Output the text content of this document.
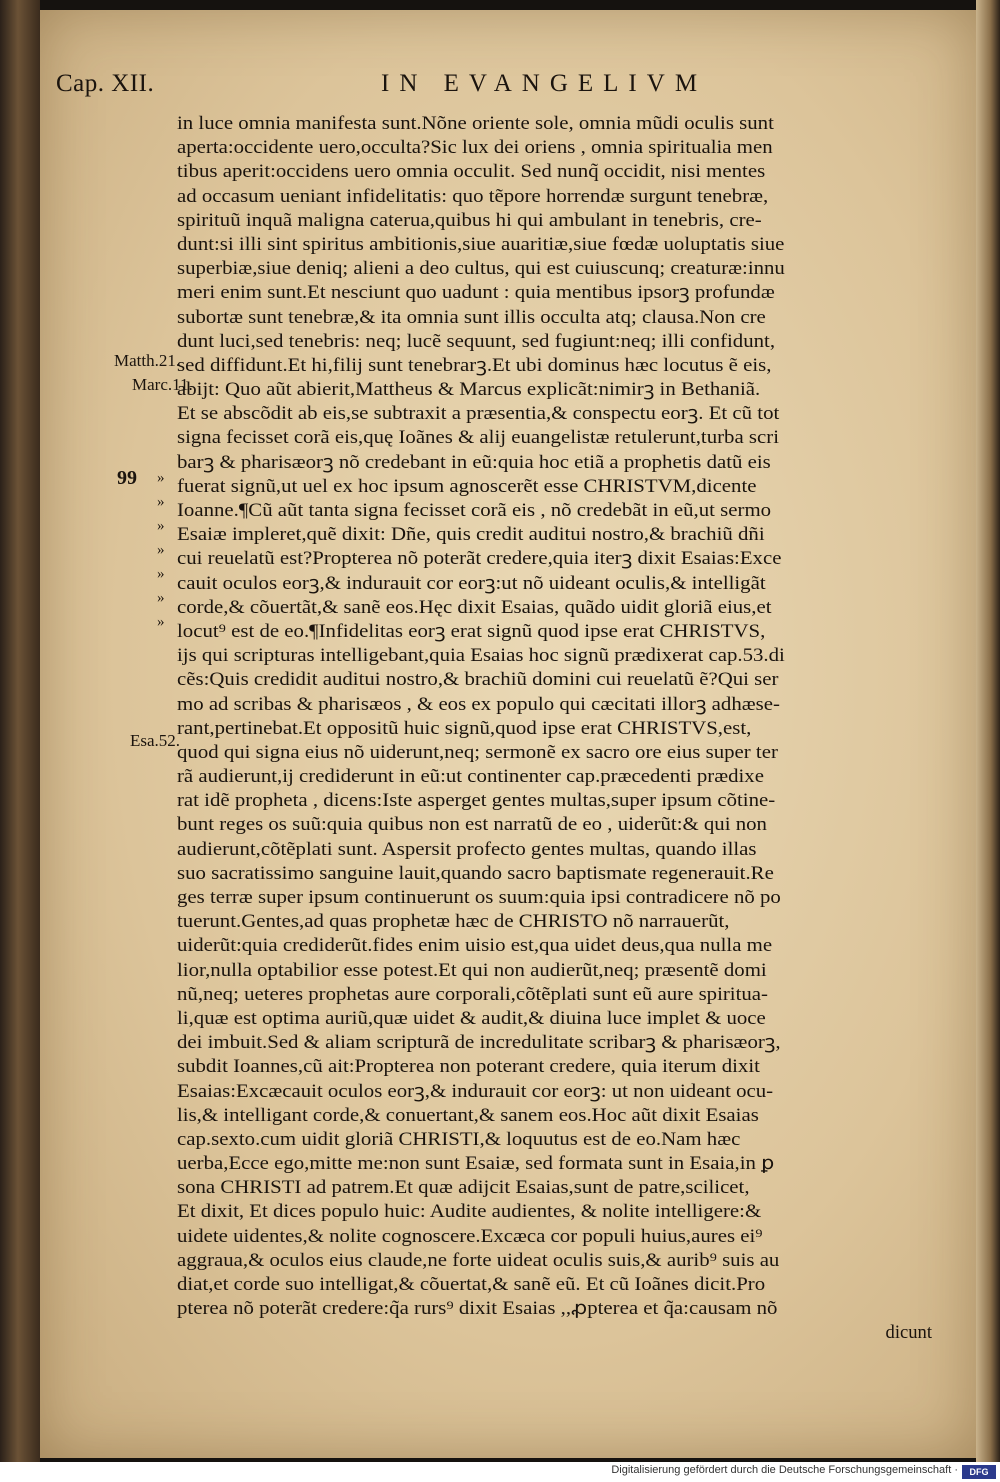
Cap. XII.	IN EVANGELIVM
Matth.21.
Marc.11.
Esa.52.
99 »
»
»
»
»
»
»
in luce omnia manifesta sunt.Nõne oriente sole, omnia mũdi oculis sunt
aperta:occidente uero,occulta?Sic lux dei oriens , omnia spiritualia men
tibus aperit:occidens uero omnia occulit. Sed nunq̃ occidit, nisi mentes
ad occasum ueniant infidelitatis: quo tẽpore horrendæ surgunt tenebræ,
spirituũ inquã maligna caterua,quibus hi qui ambulant in tenebris, cre-
dunt:si illi sint spiritus ambitionis,siue auaritiæ,siue fœdæ uoluptatis siue
superbiæ,siue deniq; alieni a deo cultus, qui est cuiuscunq; creaturæ:innu
meri enim sunt.Et nesciunt quo uadunt : quia mentibus ipsorꝫ profundæ
subortæ sunt tenebræ,& ita omnia sunt illis occulta atq; clausa.Non cre
dunt luci,sed tenebris: neq; lucẽ sequunt, sed fugiunt:neq; illi confidunt,
sed diffidunt.Et hi,filij sunt tenebrarꝫ.Et ubi dominus hæc locutus ẽ eis,
abijt: Quo aũt abierit,Mattheus & Marcus explicãt:nimirꝫ in Bethaniã.
Et se abscõdit ab eis,se subtraxit a præsentia,& conspectu eorꝫ. Et cũ tot
signa fecisset corã eis,quę Ioãnes & alij euangelistæ retulerunt,turba scri
barꝫ & pharisæorꝫ nõ credebant in eũ:quia hoc etiã a prophetis datũ eis
fuerat signũ,ut uel ex hoc ipsum agnoscerẽt esse CHRISTVM,dicente
Ioanne.¶Cũ aũt tanta signa fecisset corã eis , nõ credebãt in eũ,ut sermo
Esaiæ impleret,quẽ dixit: Dñe, quis credit auditui nostro,& brachiũ dñi
cui reuelatũ est?Propterea nõ poterãt credere,quia iterꝫ dixit Esaias:Exce
cauit oculos eorꝫ,& indurauit cor eorꝫ:ut nõ uideant oculis,& intelligãt
corde,& cõuertãt,& sanẽ eos.Hęc dixit Esaias, quãdo uidit gloriã eius,et
locut⁹ est de eo.¶Infidelitas eorꝫ erat signũ quod ipse erat CHRISTVS,
ijs qui scripturas intelligebant,quia Esaias hoc signũ prædixerat cap.53.di
cẽs:Quis credidit auditui nostro,& brachiũ domini cui reuelatũ ẽ?Qui ser
mo ad scribas & pharisæos , & eos ex populo qui cæcitati illorꝫ adhæse-
rant,pertinebat.Et oppositũ huic signũ,quod ipse erat CHRISTVS,est,
quod qui signa eius nõ uiderunt,neq; sermonẽ ex sacro ore eius super ter
rã audierunt,ij crediderunt in eũ:ut continenter cap.præcedenti prædixe
rat idẽ propheta , dicens:Iste asperget gentes multas,super ipsum cõtine-
bunt reges os suũ:quia quibus non est narratũ de eo , uiderũt:& qui non
audierunt,cõtẽplati sunt. Aspersit profecto gentes multas, quando illas
suo sacratissimo sanguine lauit,quando sacro baptismate regenerauit.Re
ges terræ super ipsum continuerunt os suum:quia ipsi contradicere nõ po
tuerunt.Gentes,ad quas prophetæ hæc de CHRISTO nõ narrauerũt,
uiderũt:quia crediderũt.fides enim uisio est,qua uidet deus,qua nulla me
lior,nulla optabilior esse potest.Et qui non audierũt,neq; præsentẽ domi
nũ,neq; ueteres prophetas aure corporali,cõtẽplati sunt eũ aure spiritua-
li,quæ est optima auriũ,quæ uidet & audit,& diuina luce implet & uoce
dei imbuit.Sed & aliam scripturã de incredulitate scribarꝫ & pharisæorꝫ,
subdit Ioannes,cũ ait:Propterea non poterant credere, quia iterum dixit
Esaias:Excæcauit oculos eorꝫ,& indurauit cor eorꝫ: ut non uideant ocu-
lis,& intelligant corde,& conuertant,& sanem eos.Hoc aũt dixit Esaias
cap.sexto.cum uidit gloriã CHRISTI,& loquutus est de eo.Nam hæc
uerba,Ecce ego,mitte me:non sunt Esaiæ, sed formata sunt in Esaia,in ꝑ
sona CHRISTI ad patrem.Et quæ adijcit Esaias,sunt de patre,scilicet,
Et dixit, Et dices populo huic: Audite audientes, & nolite intelligere:&
uidete uidentes,& nolite cognoscere.Excæca cor populi huius,aures ei⁹
aggraua,& oculos eius claude,ne forte uideat oculis suis,& aurib⁹ suis au
diat,et corde suo intelligat,& cõuertat,& sanẽ eũ. Et cũ Ioãnes dicit.Pro
pterea nõ poterãt credere:q̃a rurs⁹ dixit Esaias ,,ꝓpterea et q̃a:causam nõ
dicunt
Digitalisierung gefördert durch die Deutsche Forschungsgemeinschaft ·	DFG
